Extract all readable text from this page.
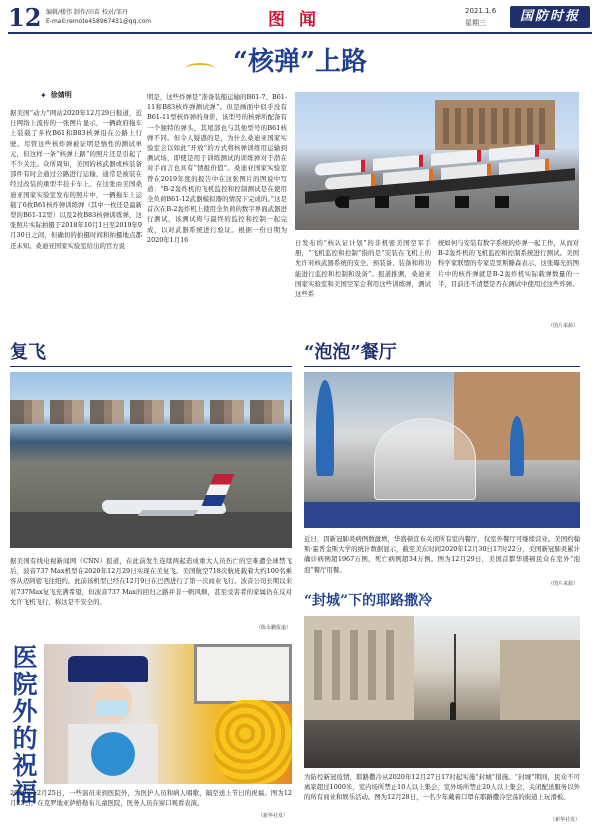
12 编辑/楼伟 制作/田苗 校对/邹丹
E-mail:remote458967431@qq.com	图闻	2021.1.6
星期三	国防时报
“核弹”上路
✦ 徐婧明
据美国“动力”网站2020年12月29日报道，近日网络上流传的一张图片显示，一辆政府拖车上装载了多枚B61和B83核弹沿在公路上行驶。尽管这些核炸弹被证明是惰性的测试单元，但这样一条“核弹上路”的照片还是引起了不少关注。众所周知，美国的核武器或核装备部件有时会通过公路进行运输，通常是被装在经过改装的重型半挂卡车上。在这张由美国桑迪亚国家实验室发布的照片中，一辆拖车上运载了6枚B61核炸弹训练弹（其中一枚还是最新型的B61-12型）以及2枚B83核弹训练弹，这张照片实际拍摄于2018年10月1日至2019年9月30日之间，但确切的拍摄时间和拍摄地点都还未知。桑迪亚国家实验室给出的官方说
明是，这些炸弹是“准备装船运输的B61-7、B61-11和B83核炸弹测试弹”。但是画面中似乎没有B61-11型核炸弹的身影，该型号的核弹所配备有一个独特的弹头，其尾部也与其他型号的B61核弹不同。但令人疑惑的是，为什么桑迪亚国家实验室会以如此“开放”的方式将核弹训练用运输到测试场，即使是用于训练测试的训练弹对于潜在对手而言也具有“情报价值”。桑迪亚国家实验室曾在2019年度的报告中在这张图片的图说中写道：“B-2轰炸机的飞机监控和控制测试是在使用全负荷B61-12武器模拟器的情况下完成的。”这是首次在B-2轰炸机上使用全负荷的数字界面武器进行测试，该测试将与最终的监控和控制一起完成，以对武器系统进行验证。根据一份日期为2020年1月16	日发布的“核认证计划”的非机密美国空军手册，“飞机监控和控制”指的是“安装在飞机上的允许对核武器系统的安全、预装备、装备和将功能进行监控和控制和设备”。报道推测，桑迪亚国家实验室和美国空军会利用这些训练弹，测试这些系
统如何与安装有数字系统的炸弹一起工作，从而对B-2轰炸机的飞机监控和控制系统进行测试。美国科学家联盟的专家克里斯滕森表示，这张曝光的图片中的核炸弹就是B-2轰炸机实际载弹数量的一半，目前还不清楚是否在测试中使用过这些炸弹。
（图片来源）
复飞
据美国有线电视新闻网（CNN）报道，在此前发生连续两起造成重大人员伤亡的空难遭全球禁飞后，波音737 Max机型在2020年12月29日实现在美复飞。美国航空718次航班载着大约100名乘客从迈阿密飞往纽约。此前该机型已经在12月9日在巴西进行了第一次商业飞行。波音公司长期以来对737Max复飞充满希望，但波音737 Max的回归之路并非一帆风顺，甚至受害者的家属仍在反对允许飞机飞行，称这是不安全的。
（陈永鹏报道）
“泡泡”餐厅
近日，因新冠肺炎病例数激增，华盛顿宣布关闭所有室内餐厅，仅室外餐厅可继续营业。美国约翰斯·霍普金斯大学的统计数据显示，截至美东时间2020年12月30日17时22分，美国新冠肺炎累计确诊病例超1967万例，死亡病例超34万例。图为12月29日，美国首都华盛顿民众在室外“泡泡”餐厅用餐。
（图片来源）
医
院
外
的
祝
福
2020年12月25日，一些演员来到医院外，为医护人员和病人唱歌，隔空送上节日的祝福。图为12月25日，在克罗地亚萨格勒布儿童医院，医务人员在窗口观看表演。
（新华社发）
“封城”下的耶路撒冷
为防控新冠疫情，耶路撒冷从2020年12月27日17时起实施“封城”措施。“封城”期间，民众不可离家超过1000米，室内场所禁止10人以上集会，室外场所禁止20人以上集会，关闭配送服务以外的所有商业和娱乐活动。图为12月28日，一名少年戴着口罩在耶路撒冷空荡的街道上玩滑板。
（新华社发）
